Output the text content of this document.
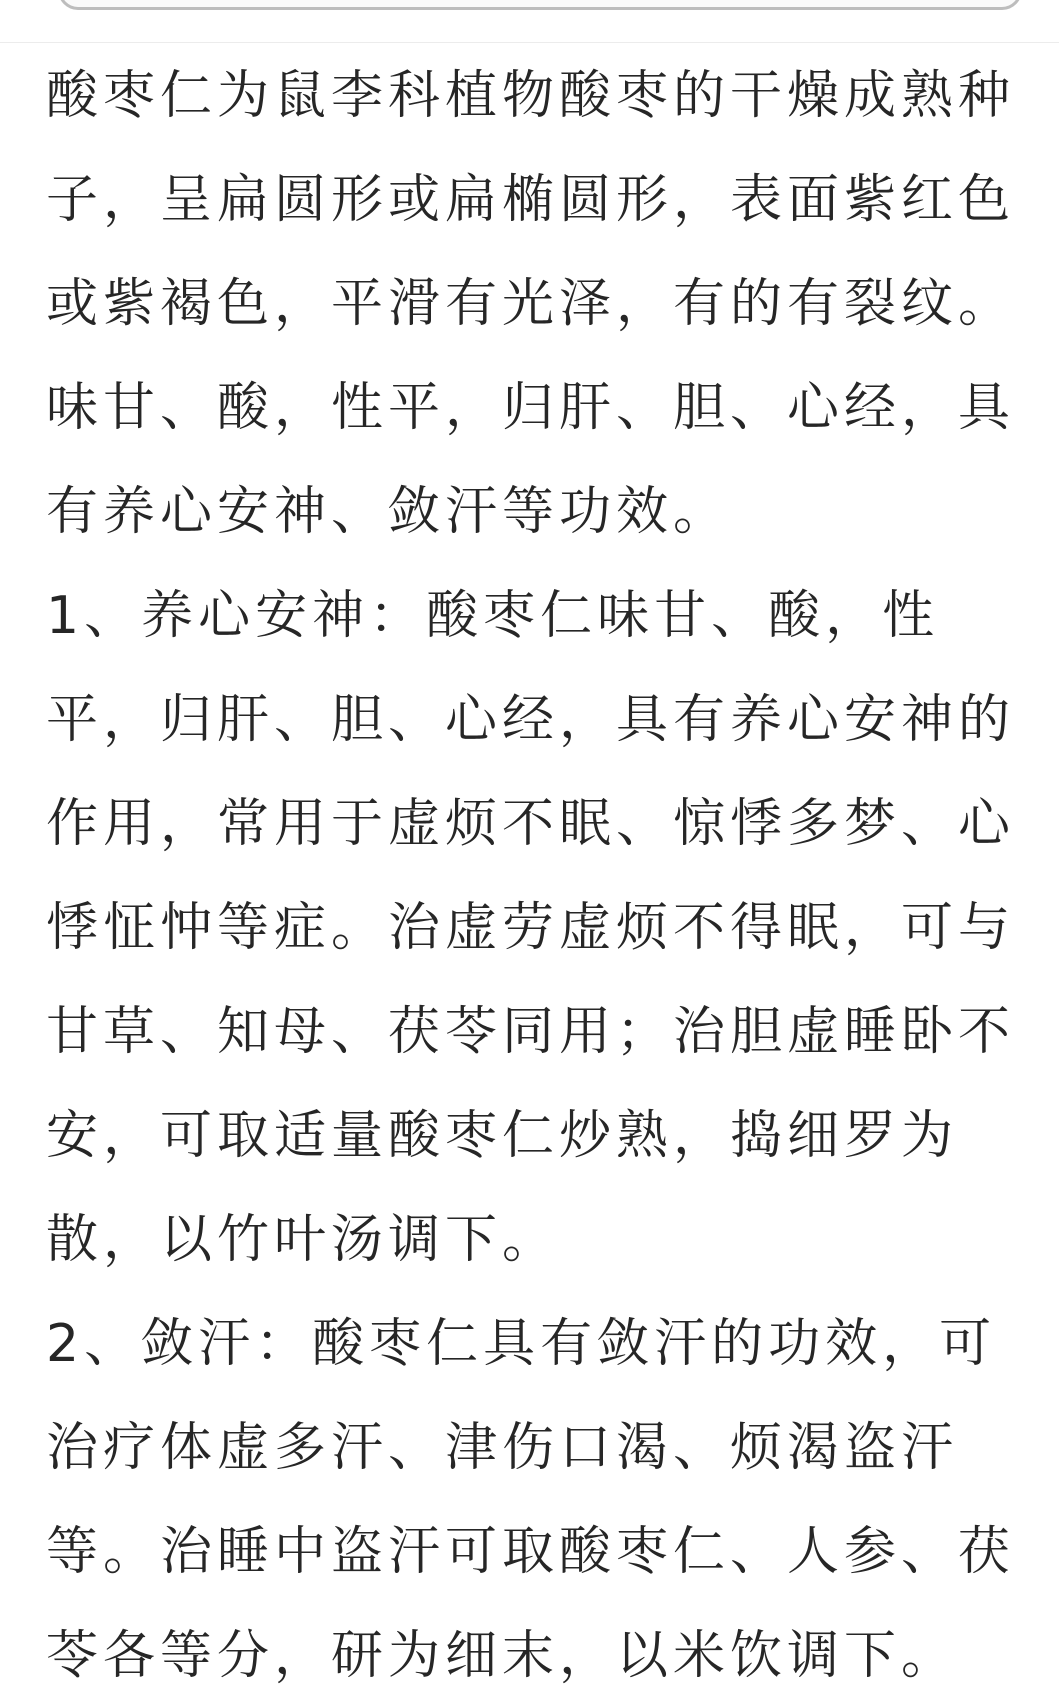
酸枣仁为鼠李科植物酸枣的干燥成熟种
子，呈扁圆形或扁椭圆形，表面紫红色
或紫褐色，平滑有光泽，有的有裂纹。
味甘、酸，性平，归肝、胆、心经，具
有养心安神、敛汗等功效。
1、养心安神：酸枣仁味甘、酸，性
平，归肝、胆、心经，具有养心安神的
作用，常用于虚烦不眠、惊悸多梦、心
悸怔忡等症。治虚劳虚烦不得眠，可与
甘草、知母、茯苓同用；治胆虚睡卧不
安，可取适量酸枣仁炒熟，捣细罗为
散，以竹叶汤调下。
2、敛汗：酸枣仁具有敛汗的功效，可
治疗体虚多汗、津伤口渴、烦渴盗汗
等。治睡中盗汗可取酸枣仁、人参、茯
苓各等分，研为细末，以米饮调下。
